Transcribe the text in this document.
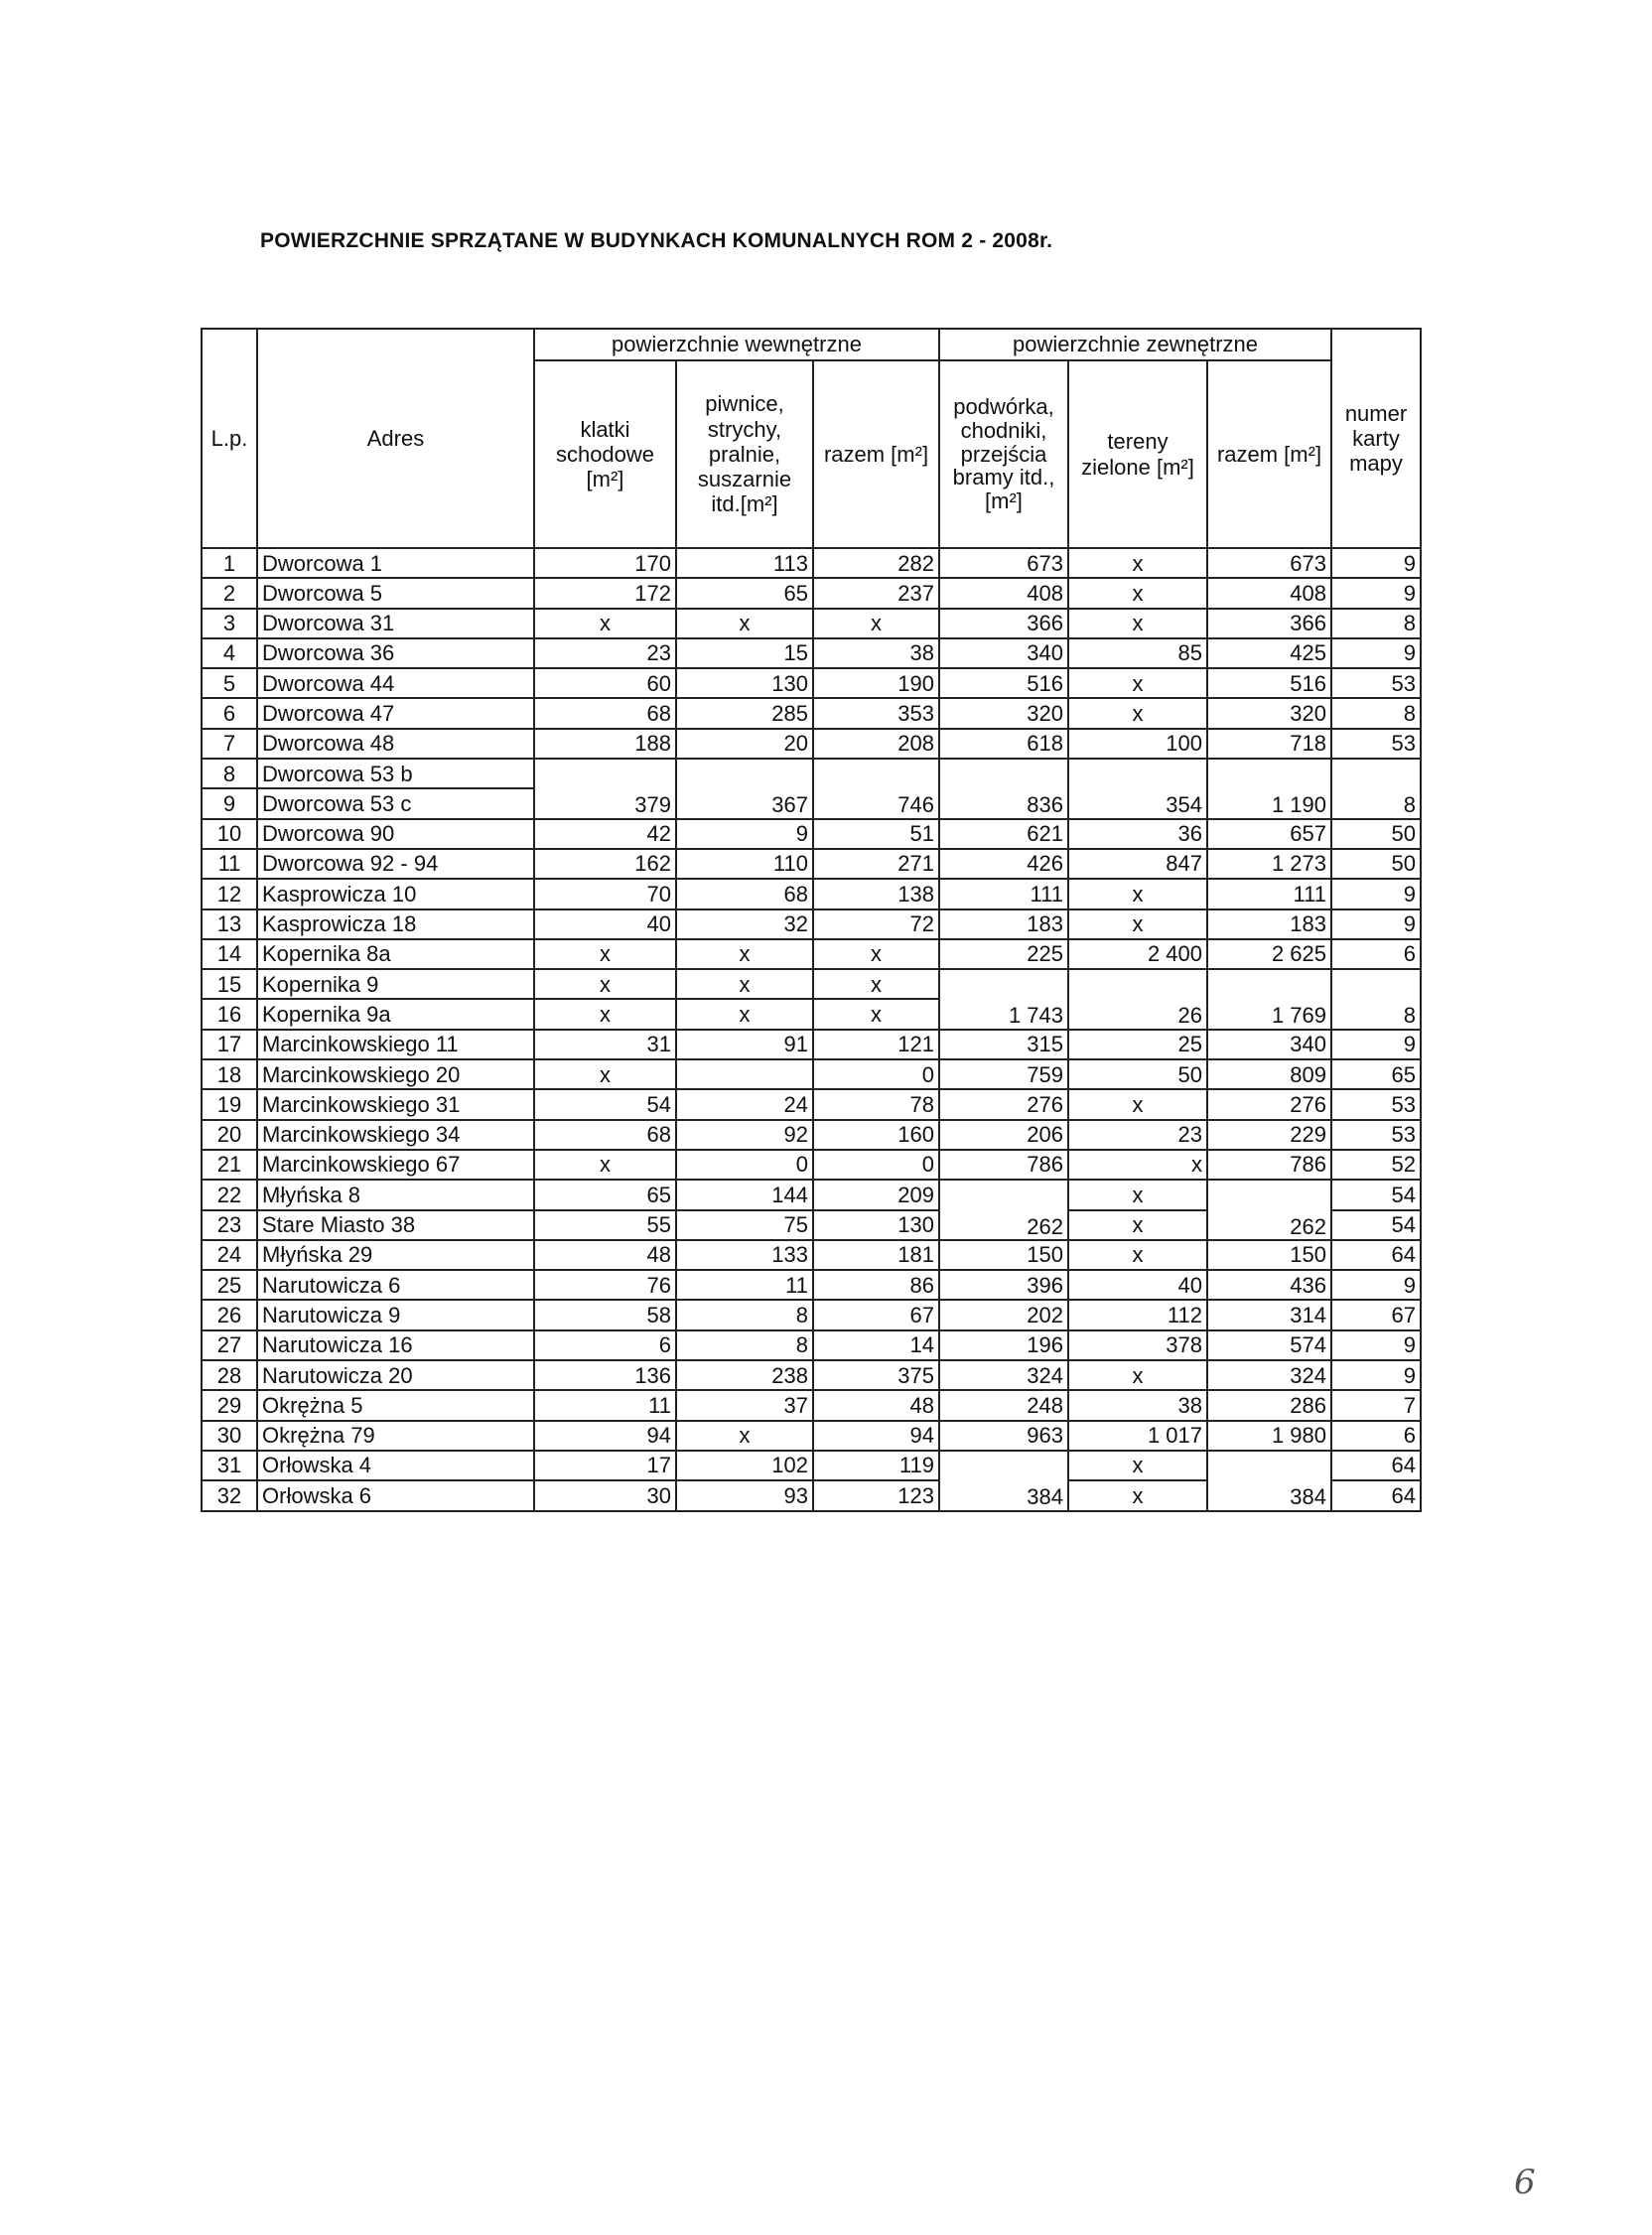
POWIERZCHNIE SPRZĄTANE W BUDYNKACH KOMUNALNYCH ROM 2 - 2008r.
L.p.	Adres	powierzchnie wewnętrzne			powierzchnie zewnętrzne			numer karty mapy
		klatki schodowe [m²]	piwnice, strychy, pralnie, suszarnie itd.[m²]	razem [m²]	podwórka, chodniki, przejścia bramy itd., [m²]	tereny zielone [m²]	razem [m²]	
1	Dworcowa 1	170	113	282	673	x	673	9
2	Dworcowa 5	172	65	237	408	x	408	9
3	Dworcowa 31	x	x	x	366	x	366	8
4	Dworcowa 36	23	15	38	340	85	425	9
5	Dworcowa 44	60	130	190	516	x	516	53
6	Dworcowa 47	68	285	353	320	x	320	8
7	Dworcowa 48	188	20	208	618	100	718	53
8	Dworcowa 53 b	379	367	746	836	354	1 190	8
9	Dworcowa 53 c							
10	Dworcowa 90	42	9	51	621	36	657	50
11	Dworcowa 92 - 94	162	110	271	426	847	1 273	50
12	Kasprowicza 10	70	68	138	111	x	111	9
13	Kasprowicza 18	40	32	72	183	x	183	9
14	Kopernika 8a	x	x	x	225	2 400	2 625	6
15	Kopernika 9	x	x	x	1 743	26	1 769	8
16	Kopernika 9a	x	x	x				
17	Marcinkowskiego 11	31	91	121	315	25	340	9
18	Marcinkowskiego 20	x		0	759	50	809	65
19	Marcinkowskiego 31	54	24	78	276	x	276	53
20	Marcinkowskiego 34	68	92	160	206	23	229	53
21	Marcinkowskiego 67	x	0	0	786	x	786	52
22	Młyńska 8	65	144	209	262	x	262	54
23	Stare Miasto 38	55	75	130		x		54
24	Młyńska 29	48	133	181	150	x	150	64
25	Narutowicza 6	76	11	86	396	40	436	9
26	Narutowicza 9	58	8	67	202	112	314	67
27	Narutowicza 16	6	8	14	196	378	574	9
28	Narutowicza 20	136	238	375	324	x	324	9
29	Okrężna 5	11	37	48	248	38	286	7
30	Okrężna 79	94	x	94	963	1 017	1 980	6
31	Orłowska 4	17	102	119	384	x	384	64
32	Orłowska 6	30	93	123		x		64
6
